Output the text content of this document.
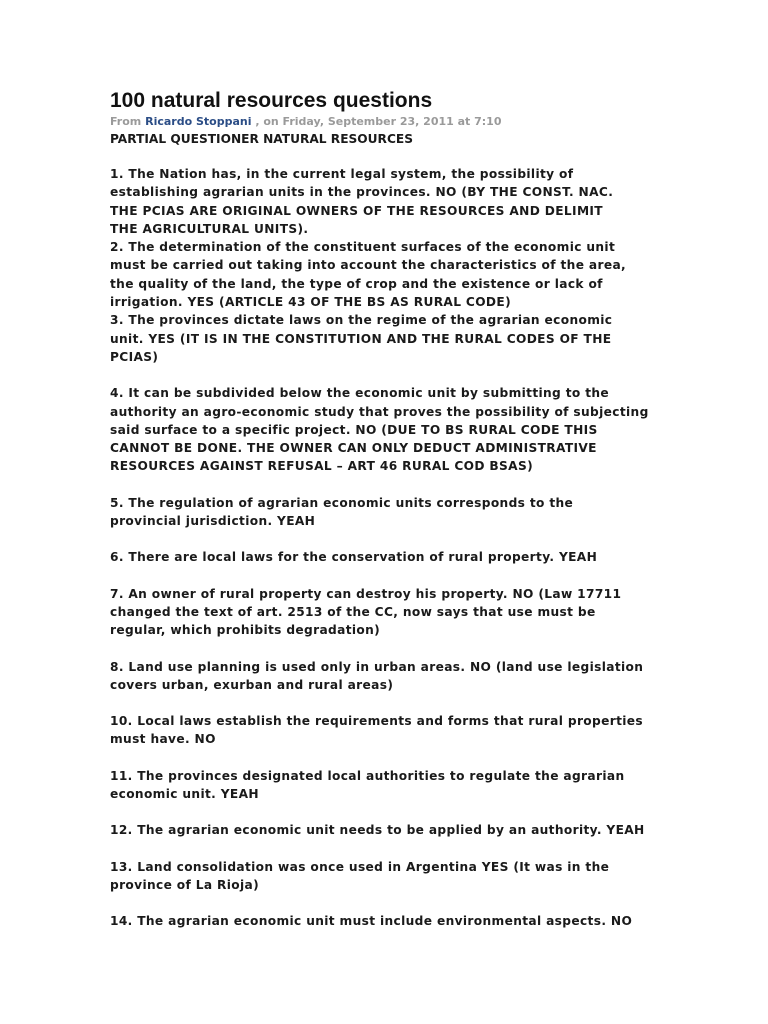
100 natural resources questions
From Ricardo Stoppani , on Friday, September 23, 2011 at 7:10
PARTIAL QUESTIONER NATURAL RESOURCES

1. The Nation has, in the current legal system, the possibility of
establishing agrarian units in the provinces. NO (BY THE CONST. NAC.
THE PCIAS ARE ORIGINAL OWNERS OF THE RESOURCES AND DELIMIT
THE AGRICULTURAL UNITS).

2. The determination of the constituent surfaces of the economic unit
must be carried out taking into account the characteristics of the area,
the quality of the land, the type of crop and the existence or lack of
irrigation. YES (ARTICLE 43 OF THE BS AS RURAL CODE)

3. The provinces dictate laws on the regime of the agrarian economic
unit. YES (IT IS IN THE CONSTITUTION AND THE RURAL CODES OF THE
PCIAS)

4. It can be subdivided below the economic unit by submitting to the
authority an agro-economic study that proves the possibility of subjecting
said surface to a specific project. NO (DUE TO BS RURAL CODE THIS
CANNOT BE DONE. THE OWNER CAN ONLY DEDUCT ADMINISTRATIVE
RESOURCES AGAINST REFUSAL – ART 46 RURAL COD BSAS)

5. The regulation of agrarian economic units corresponds to the
provincial jurisdiction. YEAH

6. There are local laws for the conservation of rural property. YEAH

7. An owner of rural property can destroy his property. NO (Law 17711
changed the text of art. 2513 of the CC, now says that use must be
regular, which prohibits degradation)

8. Land use planning is used only in urban areas. NO (land use legislation
covers urban, exurban and rural areas)

10. Local laws establish the requirements and forms that rural properties
must have. NO

11. The provinces designated local authorities to regulate the agrarian
economic unit. YEAH

12. The agrarian economic unit needs to be applied by an authority. YEAH

13. Land consolidation was once used in Argentina YES (It was in the
province of La Rioja)

14. The agrarian economic unit must include environmental aspects. NO
